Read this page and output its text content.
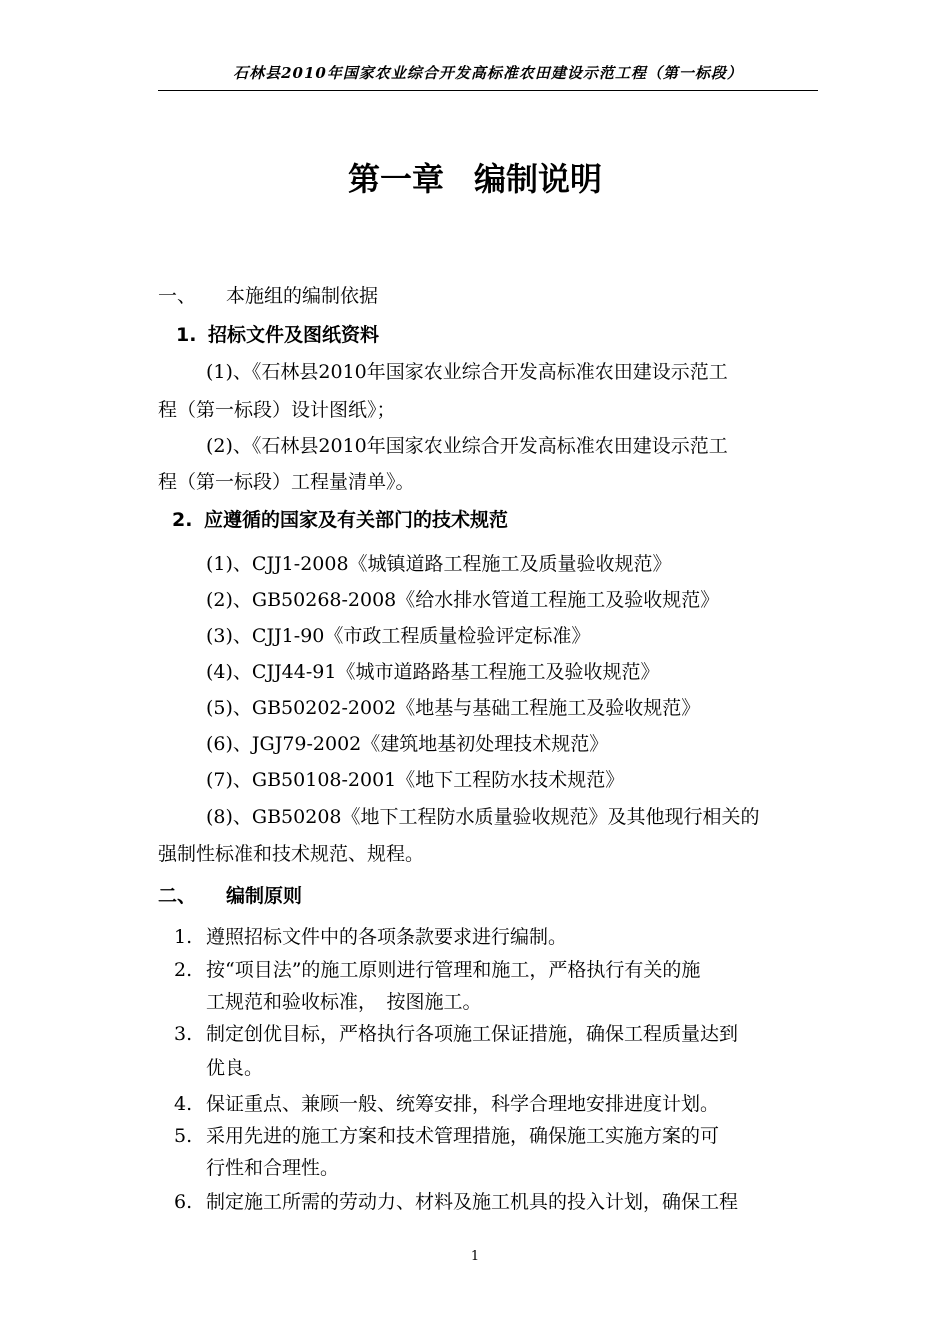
石林县2010年国家农业综合开发高标准农田建设示范工程（第一标段）
第一章 编制说明
一、 本施组的编制依据
1. 招标文件及图纸资料
(1)、《石林县2010年国家农业综合开发高标准农田建设示范工
程（第一标段）设计图纸》；
(2)、《石林县2010年国家农业综合开发高标准农田建设示范工
程（第一标段）工程量清单》。
2. 应遵循的国家及有关部门的技术规范
(1)、CJJ1-2008《城镇道路工程施工及质量验收规范》
(2)、GB50268-2008《给水排水管道工程施工及验收规范》
(3)、CJJ1-90《市政工程质量检验评定标准》
(4)、CJJ44-91《城市道路路基工程施工及验收规范》
(5)、GB50202-2002《地基与基础工程施工及验收规范》
(6)、JGJ79-2002《建筑地基初处理技术规范》
(7)、GB50108-2001《地下工程防水技术规范》
(8)、GB50208《地下工程防水质量验收规范》及其他现行相关的
强制性标准和技术规范、规程。
二、 编制原则
1. 遵照招标文件中的各项条款要求进行编制。
2. 按“项目法”的施工原则进行管理和施工，严格执行有关的施
工规范和验收标准，　按图施工。
3. 制定创优目标，严格执行各项施工保证措施，确保工程质量达到
优良。
4. 保证重点、兼顾一般、统筹安排，科学合理地安排进度计划。
5. 采用先进的施工方案和技术管理措施，确保施工实施方案的可
行性和合理性。
6. 制定施工所需的劳动力、材料及施工机具的投入计划，确保工程
1
